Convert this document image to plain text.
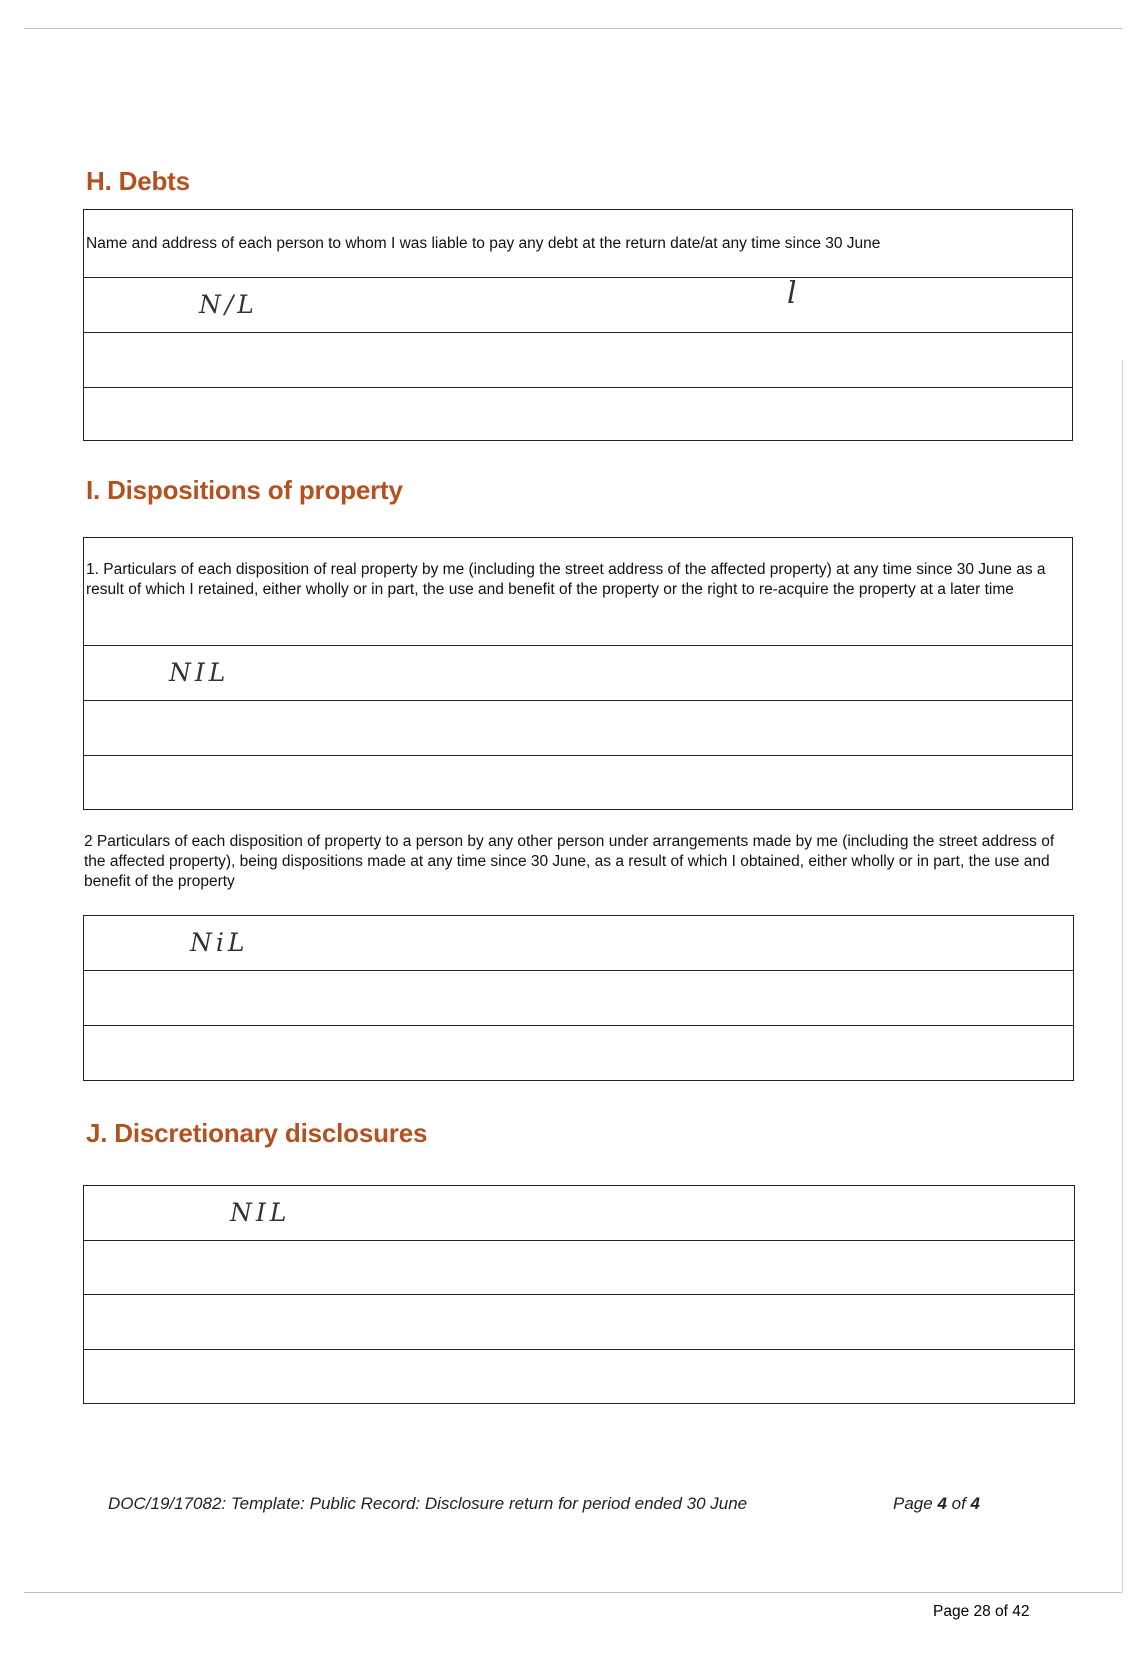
H. Debts
Name and address of each person to whom I was liable to pay any debt at the return date/at any time since 30 June
N/L	l
I. Dispositions of property
1. Particulars of each disposition of real property by me (including the street address of the affected property) at any time since 30 June as a result of which I retained, either wholly or in part, the use and benefit of the property or the right to re-acquire the property at a later time
NIL

2 Particulars of each disposition of property to a person by any other person under arrangements made by me (including the street address of the affected property), being dispositions made at any time since 30 June, as a result of which I obtained, either wholly or in part, the use and benefit of the property

NiL
J. Discretionary disclosures
NIL
DOC/19/17082: Template: Public Record: Disclosure return for period ended 30 June	Page 4 of 4
Page 28 of 42
